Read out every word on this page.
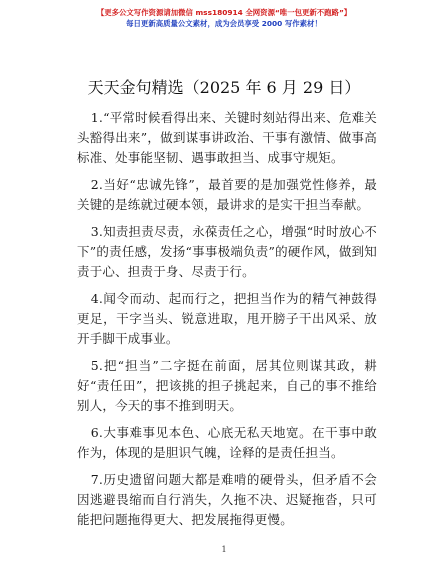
【更多公文写作资源请加微信 mss180914 全网资源“唯一包更新不跑路”】
每日更新高质量公文素材，成为会员享受 2000 写作素材！
天天金句精选（2025 年 6 月 29 日）

1.“平常时候看得出来、关键时刻站得出来、危难关头豁得出来”，做到谋事讲政治、干事有激情、做事高标准、处事能坚韧、遇事敢担当、成事守规矩。

2.当好“忠诚先锋”，最首要的是加强党性修养，最关键的是练就过硬本领，最讲求的是实干担当奉献。

3.知责担责尽责，永葆责任之心，增强“时时放心不下”的责任感，发扬“事事极端负责”的硬作风，做到知责于心、担责于身、尽责于行。

4.闻令而动、起而行之，把担当作为的精气神鼓得更足，干字当头、锐意进取，甩开膀子干出风采、放开手脚干成事业。

5.把“担当”二字挺在前面，居其位则谋其政，耕好“责任田”，把该挑的担子挑起来，自己的事不推给别人，今天的事不推到明天。

6.大事难事见本色、心底无私天地宽。在干事中敢作为，体现的是胆识气魄，诠释的是责任担当。

7.历史遗留问题大都是难啃的硬骨头，但矛盾不会因逃避畏缩而自行消失，久拖不决、迟疑拖沓，只可能把问题拖得更大、把发展拖得更慢。

1
